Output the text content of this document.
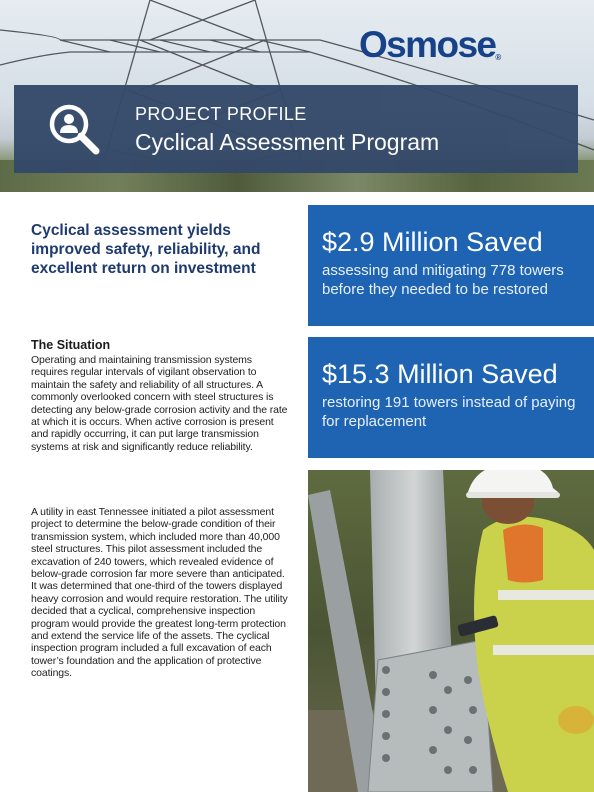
Osmose®
PROJECT PROFILE
Cyclical Assessment Program
Cyclical assessment yields improved safety, reliability, and excellent return on investment
The Situation

Operating and maintaining transmission systems requires regular intervals of vigilant observation to maintain the safety and reliability of all structures. A commonly overlooked concern with steel structures is detecting any below-grade corrosion activity and the rate at which it is occurs. When active corrosion is present and rapidly occurring, it can put large transmission systems at risk and significantly reduce reliability.

A utility in east Tennessee initiated a pilot assessment project to determine the below-grade condition of their transmission system, which included more than 40,000 steel structures. This pilot assessment included the excavation of 240 towers, which revealed evidence of below-grade corrosion far more severe than anticipated. It was determined that one-third of the towers displayed heavy corrosion and would require restoration. The utility decided that a cyclical, comprehensive inspection program would provide the greatest long-term protection and extend the service life of the assets. The cyclical inspection program included a full excavation of each tower’s foundation and the application of protective coatings.

$2.9 Million Saved

assessing and mitigating 778 towers before they needed to be restored

$15.3 Million Saved

restoring 191 towers instead of paying for replacement
